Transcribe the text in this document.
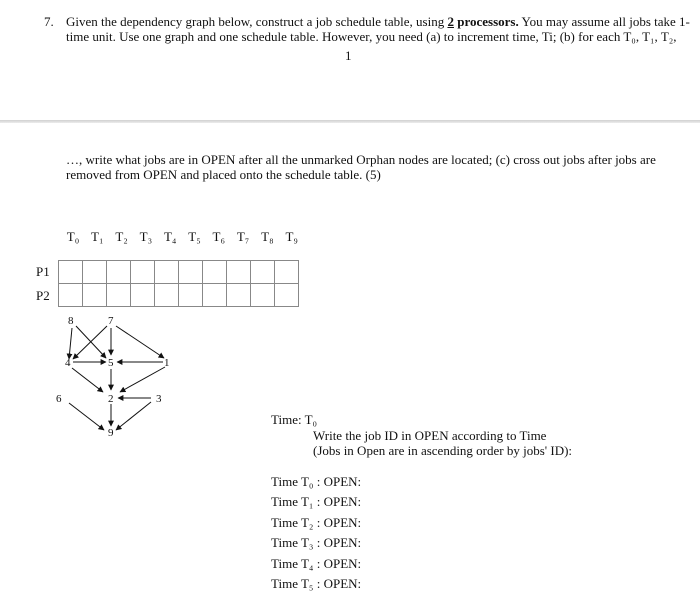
7. Given the dependency graph below, construct a job schedule table, using 2 processors. You may assume all jobs take 1-
time unit. Use one graph and one schedule table. However, you need (a) to increment time, Ti; (b) for each T₀, T₁, T₂,
1
…, write what jobs are in OPEN after all the unmarked Orphan nodes are located; (c) cross out jobs after jobs are
removed from OPEN and placed onto the schedule table. (5)
T₀ T₁ T₂ T₃ T₄ T₅ T₆ T₇ T₈ T₉
P1
P2

8	7
4	5	1
6	2	3
9
Time: T₀
Write the job ID in OPEN according to Time
(Jobs in Open are in ascending order by jobs' ID):
Time T₀ : OPEN:
Time T₁ : OPEN:
Time T₂ : OPEN:
Time T₃ : OPEN:
Time T₄ : OPEN:
Time T₅ : OPEN:
